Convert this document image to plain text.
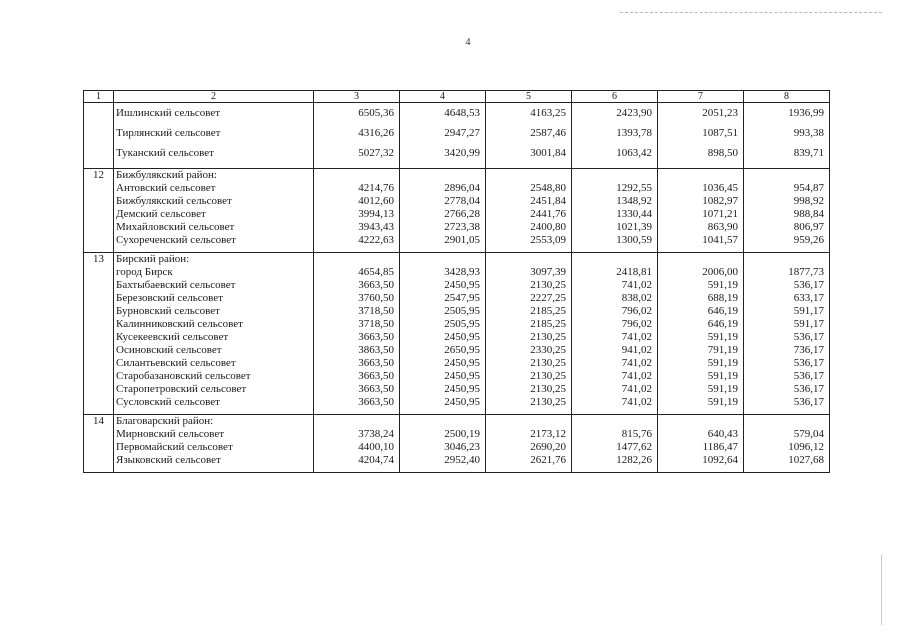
4
1	2	3	4	5	6	7	8
	Ишлинский сельсовет	6505,36	4648,53	4163,25	2423,90	2051,23	1936,99
	Тирлянский сельсовет	4316,26	2947,27	2587,46	1393,78	1087,51	993,38
	Туканский сельсовет	5027,32	3420,99	3001,84	1063,42	898,50	839,71

12	Бижбулякский район:						
	Антовский сельсовет	4214,76	2896,04	2548,80	1292,55	1036,45	954,87
	Бижбулякский сельсовет	4012,60	2778,04	2451,84	1348,92	1082,97	998,92
	Демский сельсовет	3994,13	2766,28	2441,76	1330,44	1071,21	988,84
	Михайловский сельсовет	3943,43	2723,38	2400,80	1021,39	863,90	806,97
	Сухореченский сельсовет	4222,63	2901,05	2553,09	1300,59	1041,57	959,26

13	Бирский район:						
	город Бирск	4654,85	3428,93	3097,39	2418,81	2006,00	1877,73
	Бахтыбаевский сельсовет	3663,50	2450,95	2130,25	741,02	591,19	536,17
	Березовский сельсовет	3760,50	2547,95	2227,25	838,02	688,19	633,17
	Бурновский сельсовет	3718,50	2505,95	2185,25	796,02	646,19	591,17
	Калинниковский сельсовет	3718,50	2505,95	2185,25	796,02	646,19	591,17
	Кусекеевский сельсовет	3663,50	2450,95	2130,25	741,02	591,19	536,17
	Осиновский сельсовет	3863,50	2650,95	2330,25	941,02	791,19	736,17
	Силантьевский сельсовет	3663,50	2450,95	2130,25	741,02	591,19	536,17
	Старобазановский сельсовет	3663,50	2450,95	2130,25	741,02	591,19	536,17
	Старопетровский сельсовет	3663,50	2450,95	2130,25	741,02	591,19	536,17
	Сусловский сельсовет	3663,50	2450,95	2130,25	741,02	591,19	536,17

14	Благоварский район:						
	Мирновский сельсовет	3738,24	2500,19	2173,12	815,76	640,43	579,04
	Первомайский сельсовет	4400,10	3046,23	2690,20	1477,62	1186,47	1096,12
	Языковский сельсовет	4204,74	2952,40	2621,76	1282,26	1092,64	1027,68
